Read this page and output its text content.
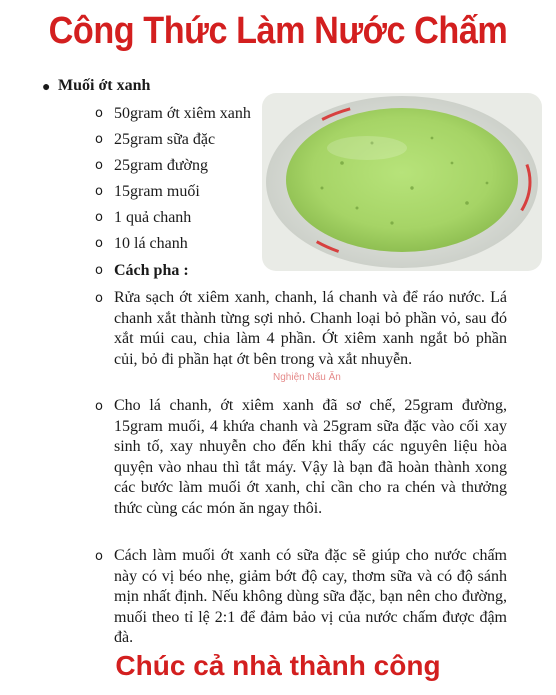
Công Thức Làm Nước Chấm
● Muối ớt xanh
o 50gram ớt xiêm xanh
o 25gram sữa đặc
o 25gram đường
o 15gram muối
o 1 quả chanh
o 10 lá chanh
o Cách pha :
o Rửa sạch ớt xiêm xanh, chanh, lá chanh và để ráo nước. Lá chanh xắt thành từng sợi nhỏ. Chanh loại bỏ phần vỏ, sau đó xắt múi cau, chia làm 4 phần. Ớt xiêm xanh ngắt bỏ phần củi, bỏ đi phần hạt ớt bên trong và xắt nhuyễn.
Nghiện Nấu Ăn
o Cho lá chanh, ớt xiêm xanh đã sơ chế, 25gram đường, 15gram muối, 4 khứa chanh và 25gram sữa đặc vào cối xay sinh tố, xay nhuyễn cho đến khi thấy các nguyên liệu hòa quyện vào nhau thì tắt máy. Vậy là bạn đã hoàn thành xong các bước làm muối ớt xanh, chỉ cần cho ra chén và thưởng thức cùng các món ăn ngay thôi.
o Cách làm muối ớt xanh có sữa đặc sẽ giúp cho nước chấm này có vị béo nhẹ, giảm bớt độ cay, thơm sữa và có độ sánh mịn nhất định. Nếu không dùng sữa đặc, bạn nên cho đường, muối theo tỉ lệ 2:1 để đảm bảo vị của nước chấm được đậm đà.
Chúc cả nhà thành công
